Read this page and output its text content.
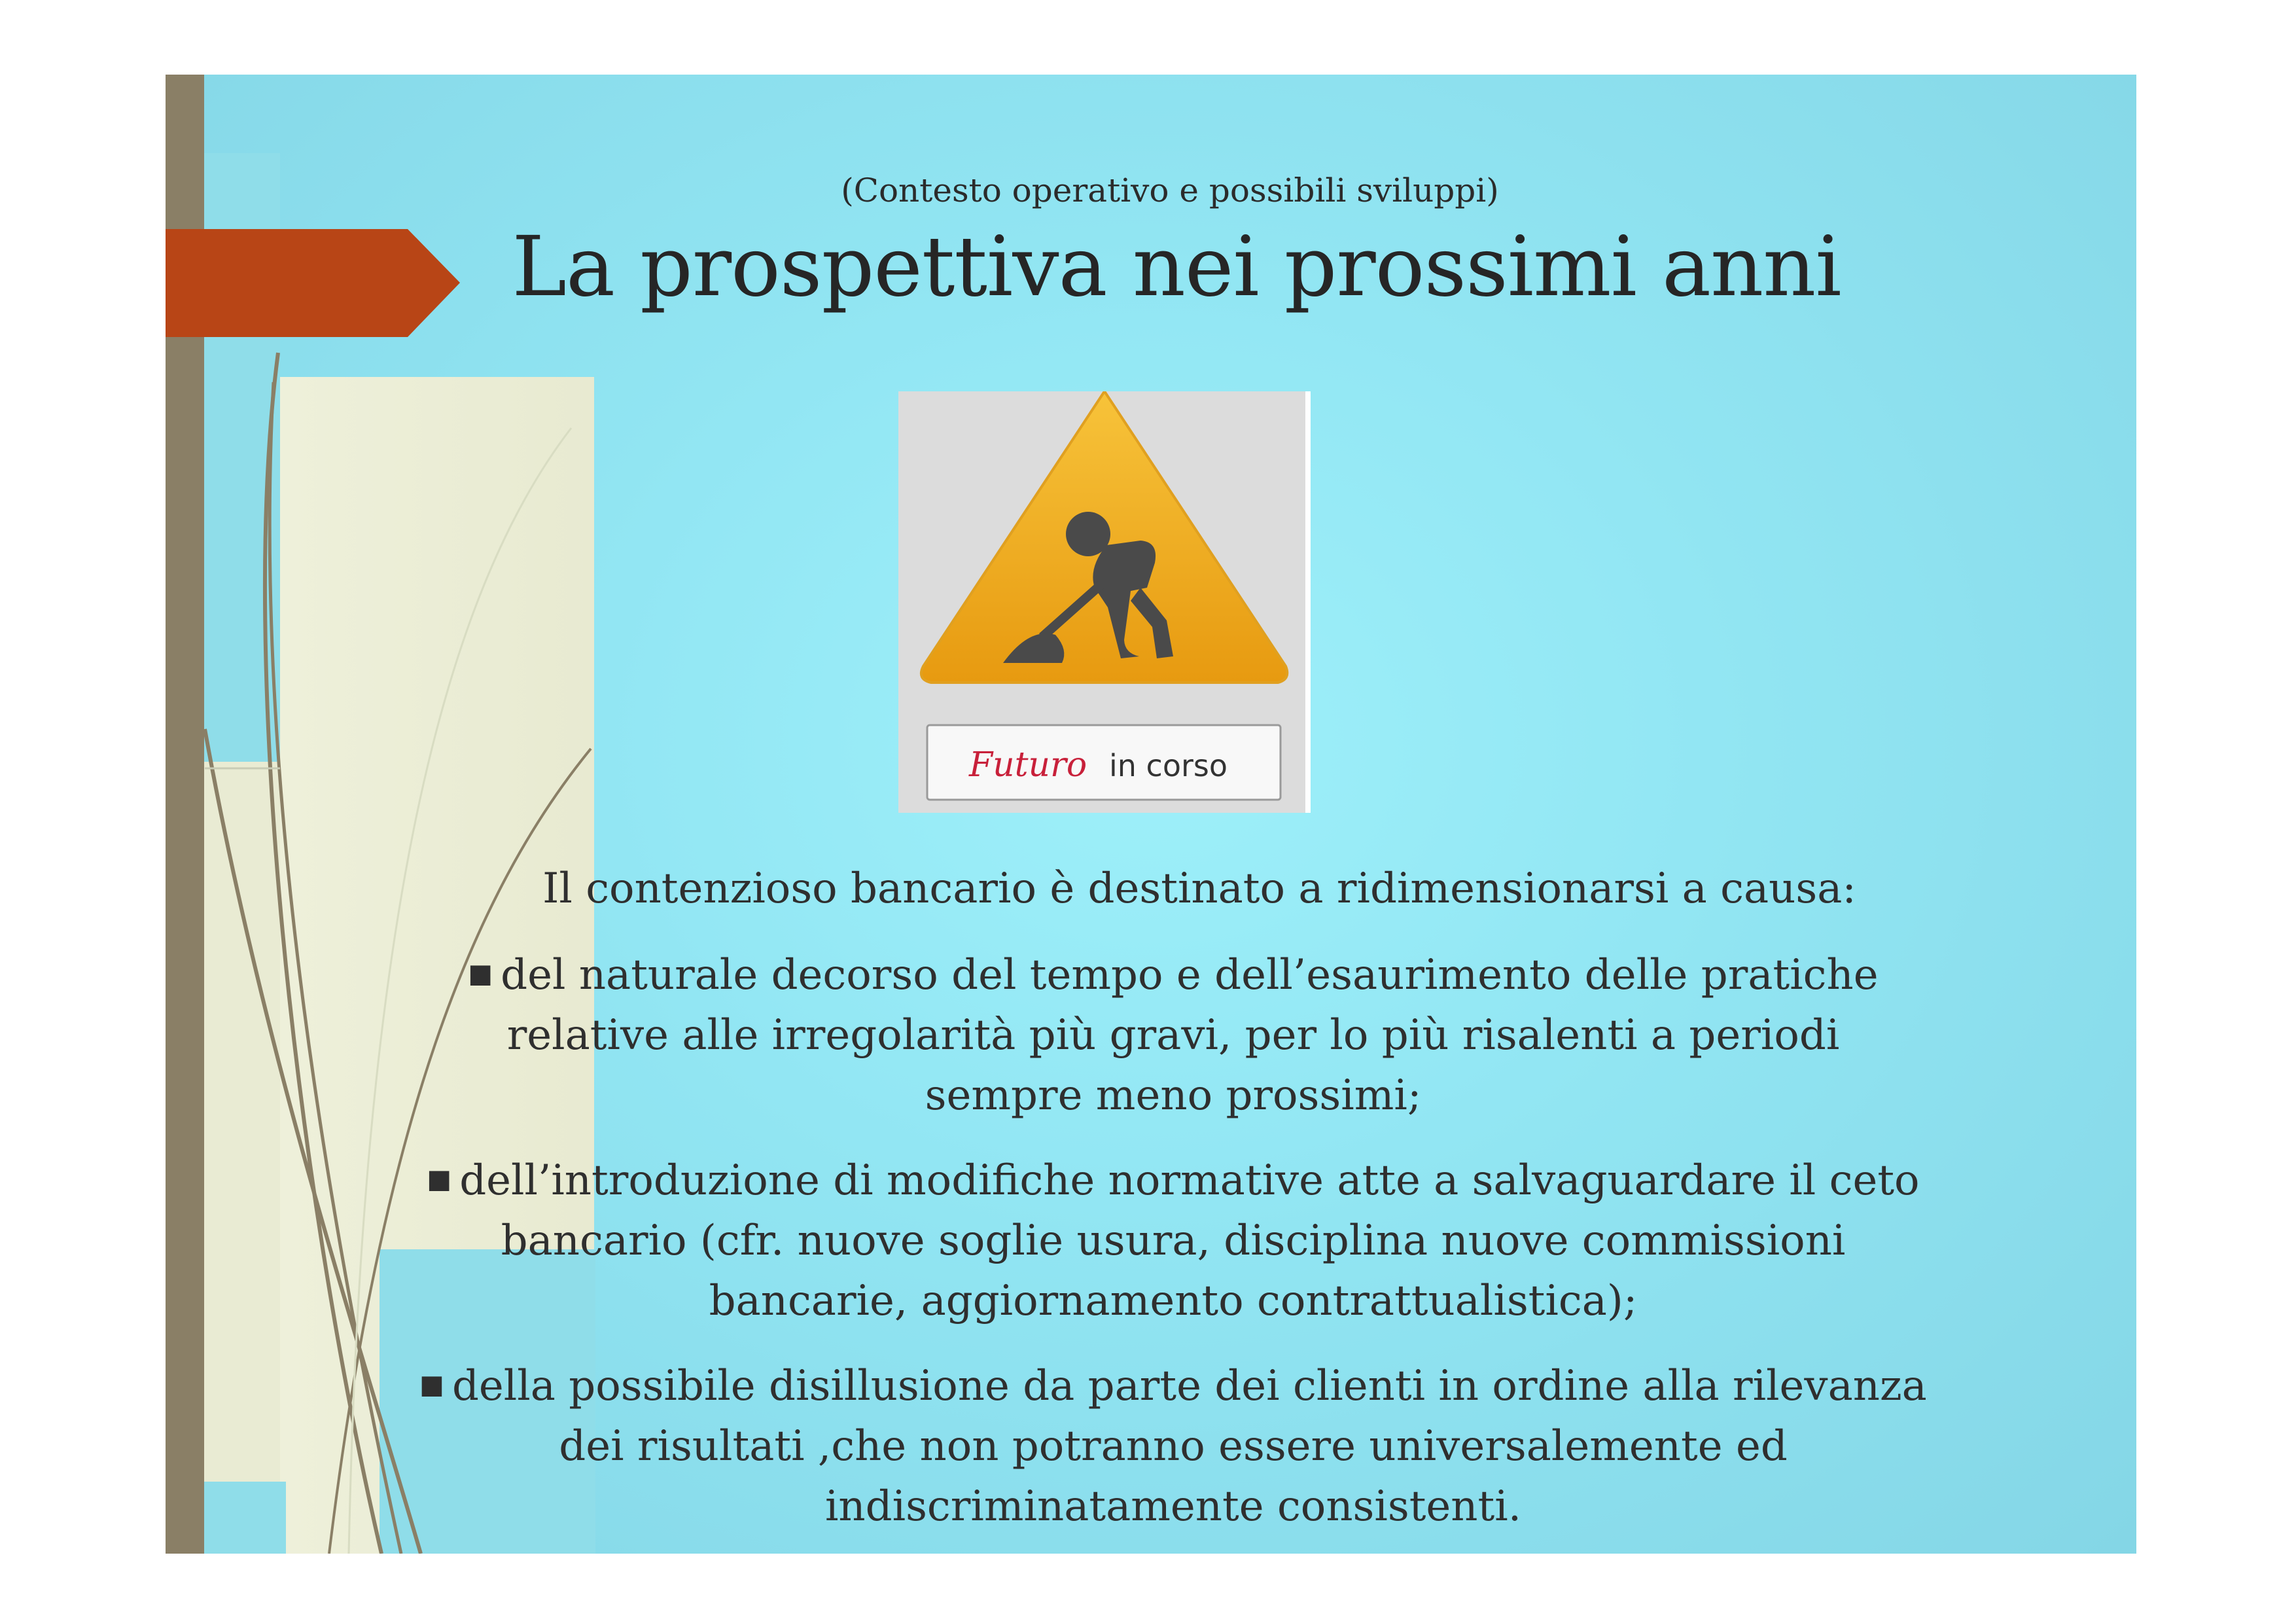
(Contesto operativo e possibili sviluppi)
La prospettiva nei prossimi anni
Futuro in corso

Il contenzioso bancario è destinato a ridimensionarsi a causa:

■ del naturale decorso del tempo e dell’esaurimento delle pratiche
relative alle irregolarità più gravi, per lo più risalenti a periodi
sempre meno prossimi;
■ dell’introduzione di modifiche normative atte a salvaguardare il ceto
bancario (cfr. nuove soglie usura, disciplina nuove commissioni
bancarie, aggiornamento contrattualistica);
■ della possibile disillusione da parte dei clienti in ordine alla rilevanza
dei risultati ,che non potranno essere universalemente ed
indiscriminatamente consistenti.
